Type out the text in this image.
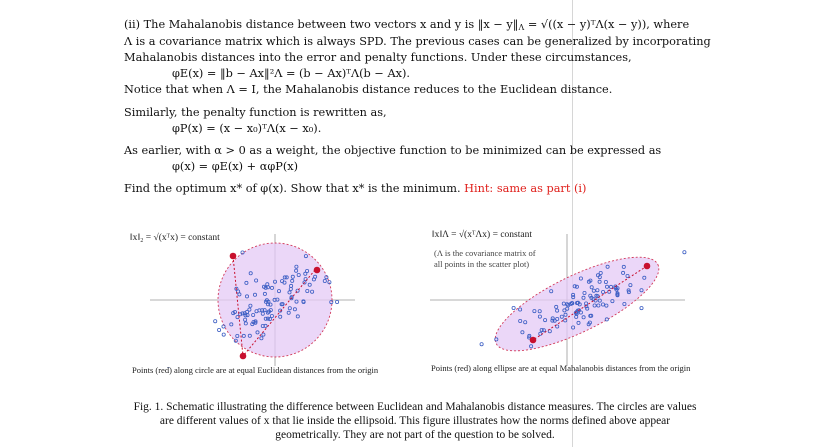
(ii) The Mahalanobis distance between two vectors x and y is ‖x − $y‖_\Lambda = √((x$ − y)ᵀΛ(x − y)), where
Λ is a covariance matrix which is always SPD. The previous cases can be generalized by incorporating
Mahalanobis distances into the error and penalty functions. Under these circumstances,
φE(x) = ‖b − Ax‖²Λ = (b − Ax)ᵀΛ(b − Ax).
Notice that when Λ = I, the Mahalanobis distance reduces to the Euclidean distance.
Similarly, the penalty function is rewritten as,
φP(x) = (x − x₀)ᵀΛ(x − x₀).
As earlier, with α > 0 as a weight, the objective function to be minimized can be expressed as
φ(x) = φE(x) + αφP(x)
Find the optimum x* of φ(x). Show that x* is the minimum. Hint: same as part (i)
‖x‖₂ = √(xᵀx) = constant	‖x‖Λ = √(xᵀΛx) = constant
(Λ is the covariance matrix of
all points in the scatter plot)
Points (red) along circle are at equal Euclidean distances from the origin	Points (red) along ellipse are at equal Mahalanobis distances from the origin
Fig. 1. Schematic illustrating the difference between Euclidean and Mahalanobis distance measures. The circles are values
are different values of x that lie inside the ellipsoid. This figure illustrates how the norms defined above appear
geometrically. They are not part of the question to be solved.
